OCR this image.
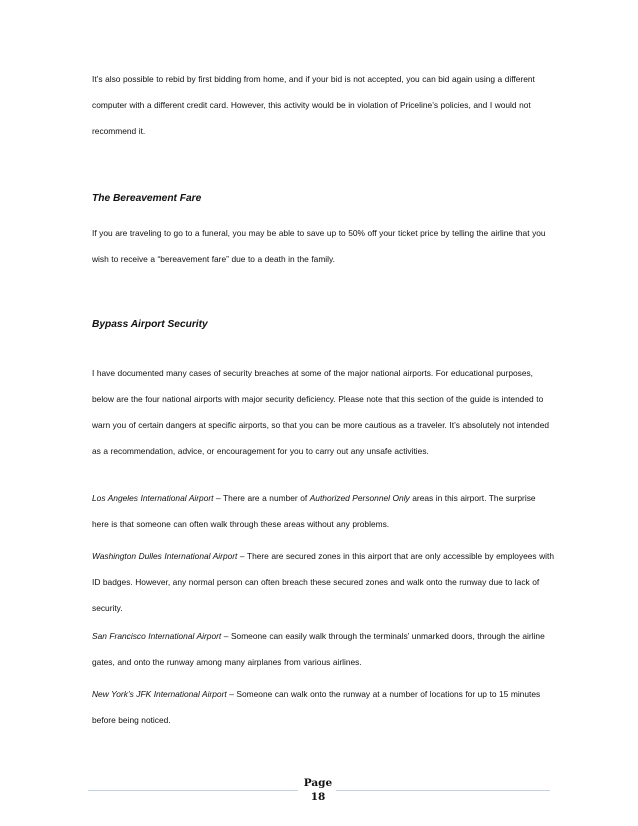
It’s also possible to rebid by first bidding from home, and if your bid is not accepted, you can bid again using a different computer with a different credit card. However, this activity would be in violation of Priceline’s policies, and I would not recommend it.

The Bereavement Fare

If you are traveling to go to a funeral, you may be able to save up to 50% off your ticket price by telling the airline that you wish to receive a “bereavement fare” due to a death in the family.

Bypass Airport Security

I have documented many cases of security breaches at some of the major national airports. For educational purposes, below are the four national airports with major security deficiency. Please note that this section of the guide is intended to warn you of certain dangers at specific airports, so that you can be more cautious as a traveler. It’s absolutely not intended as a recommendation, advice, or encouragement for you to carry out any unsafe activities.

Los Angeles International Airport – There are a number of Authorized Personnel Only areas in this airport. The surprise here is that someone can often walk through these areas without any problems.

Washington Dulles International Airport – There are secured zones in this airport that are only accessible by employees with ID badges. However, any normal person can often breach these secured zones and walk onto the runway due to lack of security.

San Francisco International Airport – Someone can easily walk through the terminals’ unmarked doors, through the airline gates, and onto the runway among many airplanes from various airlines.

New York’s JFK International Airport – Someone can walk onto the runway at a number of locations for up to 15 minutes before being noticed.

Page
18
